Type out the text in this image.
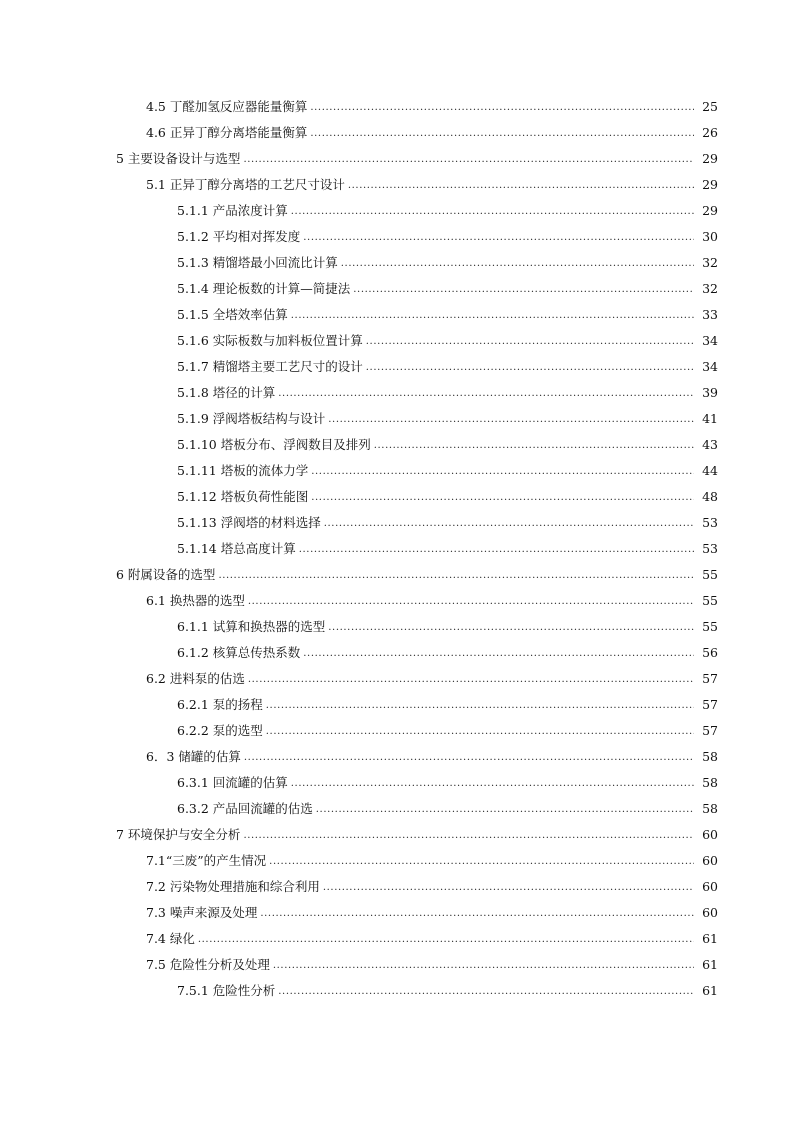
4.5 丁醛加氢反应器能量衡算 .....	25
4.6 正异丁醇分离塔能量衡算 .....	26
5 主要设备设计与选型 .....	29
5.1 正异丁醇分离塔的工艺尺寸设计 .....	29
5.1.1 产品浓度计算 .....	29
5.1.2 平均相对挥发度 .....	30
5.1.3 精馏塔最小回流比计算 .....	32
5.1.4 理论板数的计算—简捷法 .....	32
5.1.5 全塔效率估算 .....	33
5.1.6 实际板数与加料板位置计算 .....	34
5.1.7 精馏塔主要工艺尺寸的设计 .....	34
5.1.8 塔径的计算 .....	39
5.1.9 浮阀塔板结构与设计 .....	41
5.1.10 塔板分布、浮阀数目及排列 .....	43
5.1.11 塔板的流体力学 .....	44
5.1.12 塔板负荷性能图 .....	48
5.1.13 浮阀塔的材料选择 .....	53
5.1.14 塔总高度计算 .....	53
6 附属设备的选型 .....	55
6.1 换热器的选型 .....	55
6.1.1 试算和换热器的选型 .....	55
6.1.2 核算总传热系数 .....	56
6.2 进料泵的估选 .....	57
6.2.1 泵的扬程 .....	57
6.2.2 泵的选型 .....	57
6．3 储罐的估算 .....	58
6.3.1 回流罐的估算 .....	58
6.3.2 产品回流罐的估选 .....	58
7 环境保护与安全分析 .....	60
7.1“三废”的产生情况 .....	60
7.2 污染物处理措施和综合利用 .....	60
7.3 噪声来源及处理 .....	60
7.4 绿化 .....	61
7.5 危险性分析及处理 .....	61
7.5.1 危险性分析 .....	61
